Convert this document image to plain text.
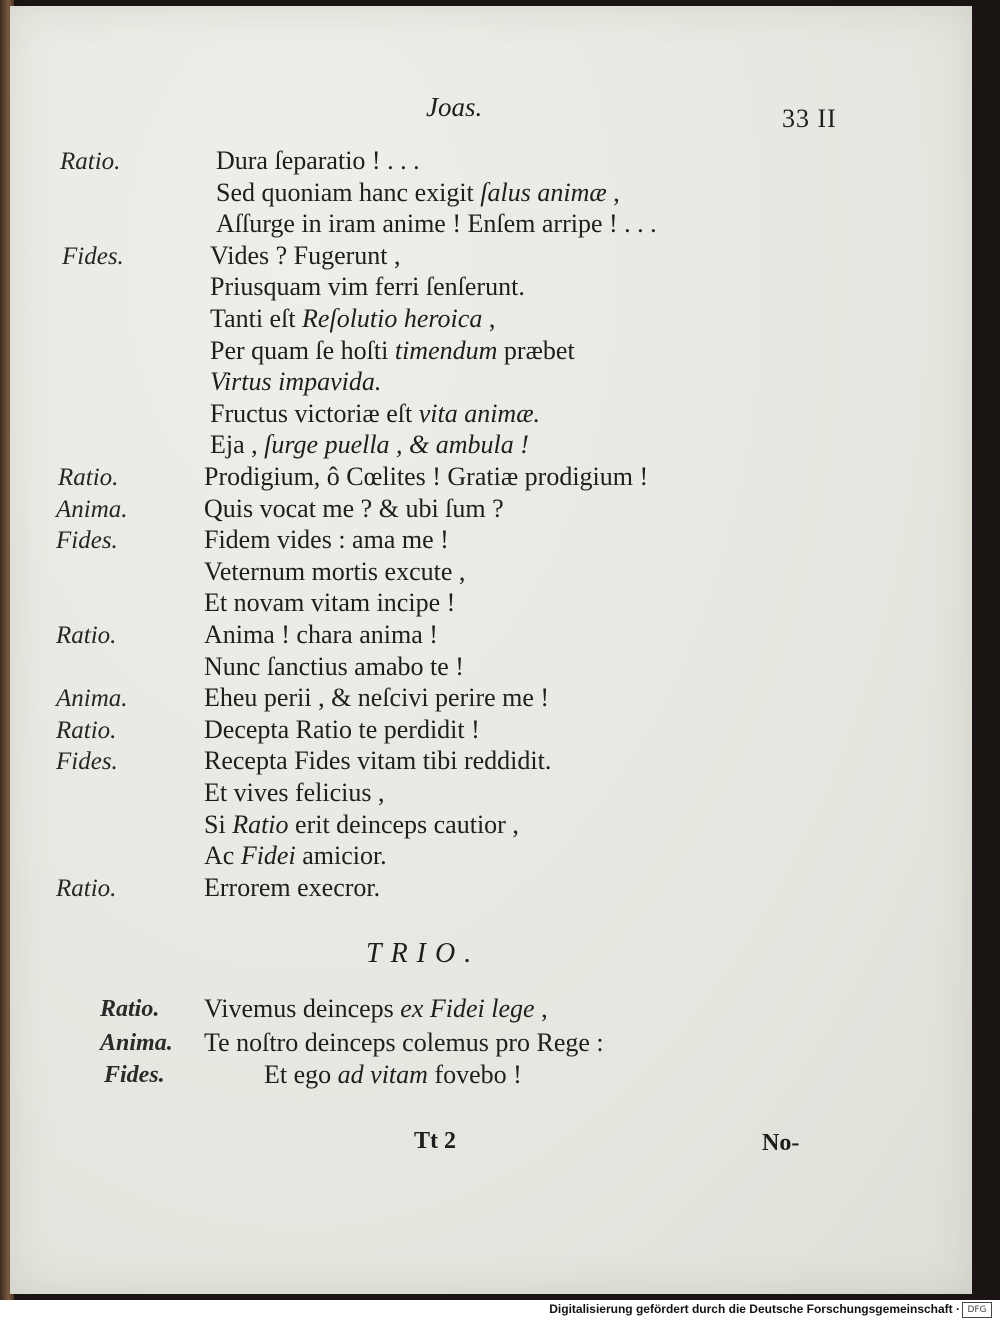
Joas.	33 II
Ratio.	Dura ſeparatio ! . . .
Sed quoniam hanc exigit ſalus animæ ,
Aſſurge in iram anime ! Enſem arripe ! . . .
Fides.	Vides ? Fugerunt ,
Priusquam vim ferri ſenſerunt.
Tanti eſt Reſolutio heroica ,
Per quam ſe hoſti timendum præbet
Virtus impavida.
Fructus victoriæ eſt vita animæ.
Eja , ſurge puella , & ambula !
Ratio.	Prodigium, ô Cœlites ! Gratiæ prodigium !
Anima.	Quis vocat me ? & ubi ſum ?
Fides.	Fidem vides : ama me !
Veternum mortis excute ,
Et novam vitam incipe !
Ratio.	Anima ! chara anima !
Nunc ſanctius amabo te !
Anima.	Eheu perii , & neſcivi perire me !
Ratio.	Decepta Ratio te perdidit !
Fides.	Recepta Fides vitam tibi reddidit.
Et vives felicius ,
Si Ratio erit deinceps cautior ,
Ac Fidei amicior.
Ratio.	Errorem execror.
TRIO.
Ratio. Vivemus deinceps ex Fidei lege ,
Anima. Te noſtro deinceps colemus pro Rege :
Fides.	Et ego ad vitam fovebo !
Tt 2	No-
Digitalisierung gefördert durch die Deutsche Forschungsgemeinschaft · DFG
